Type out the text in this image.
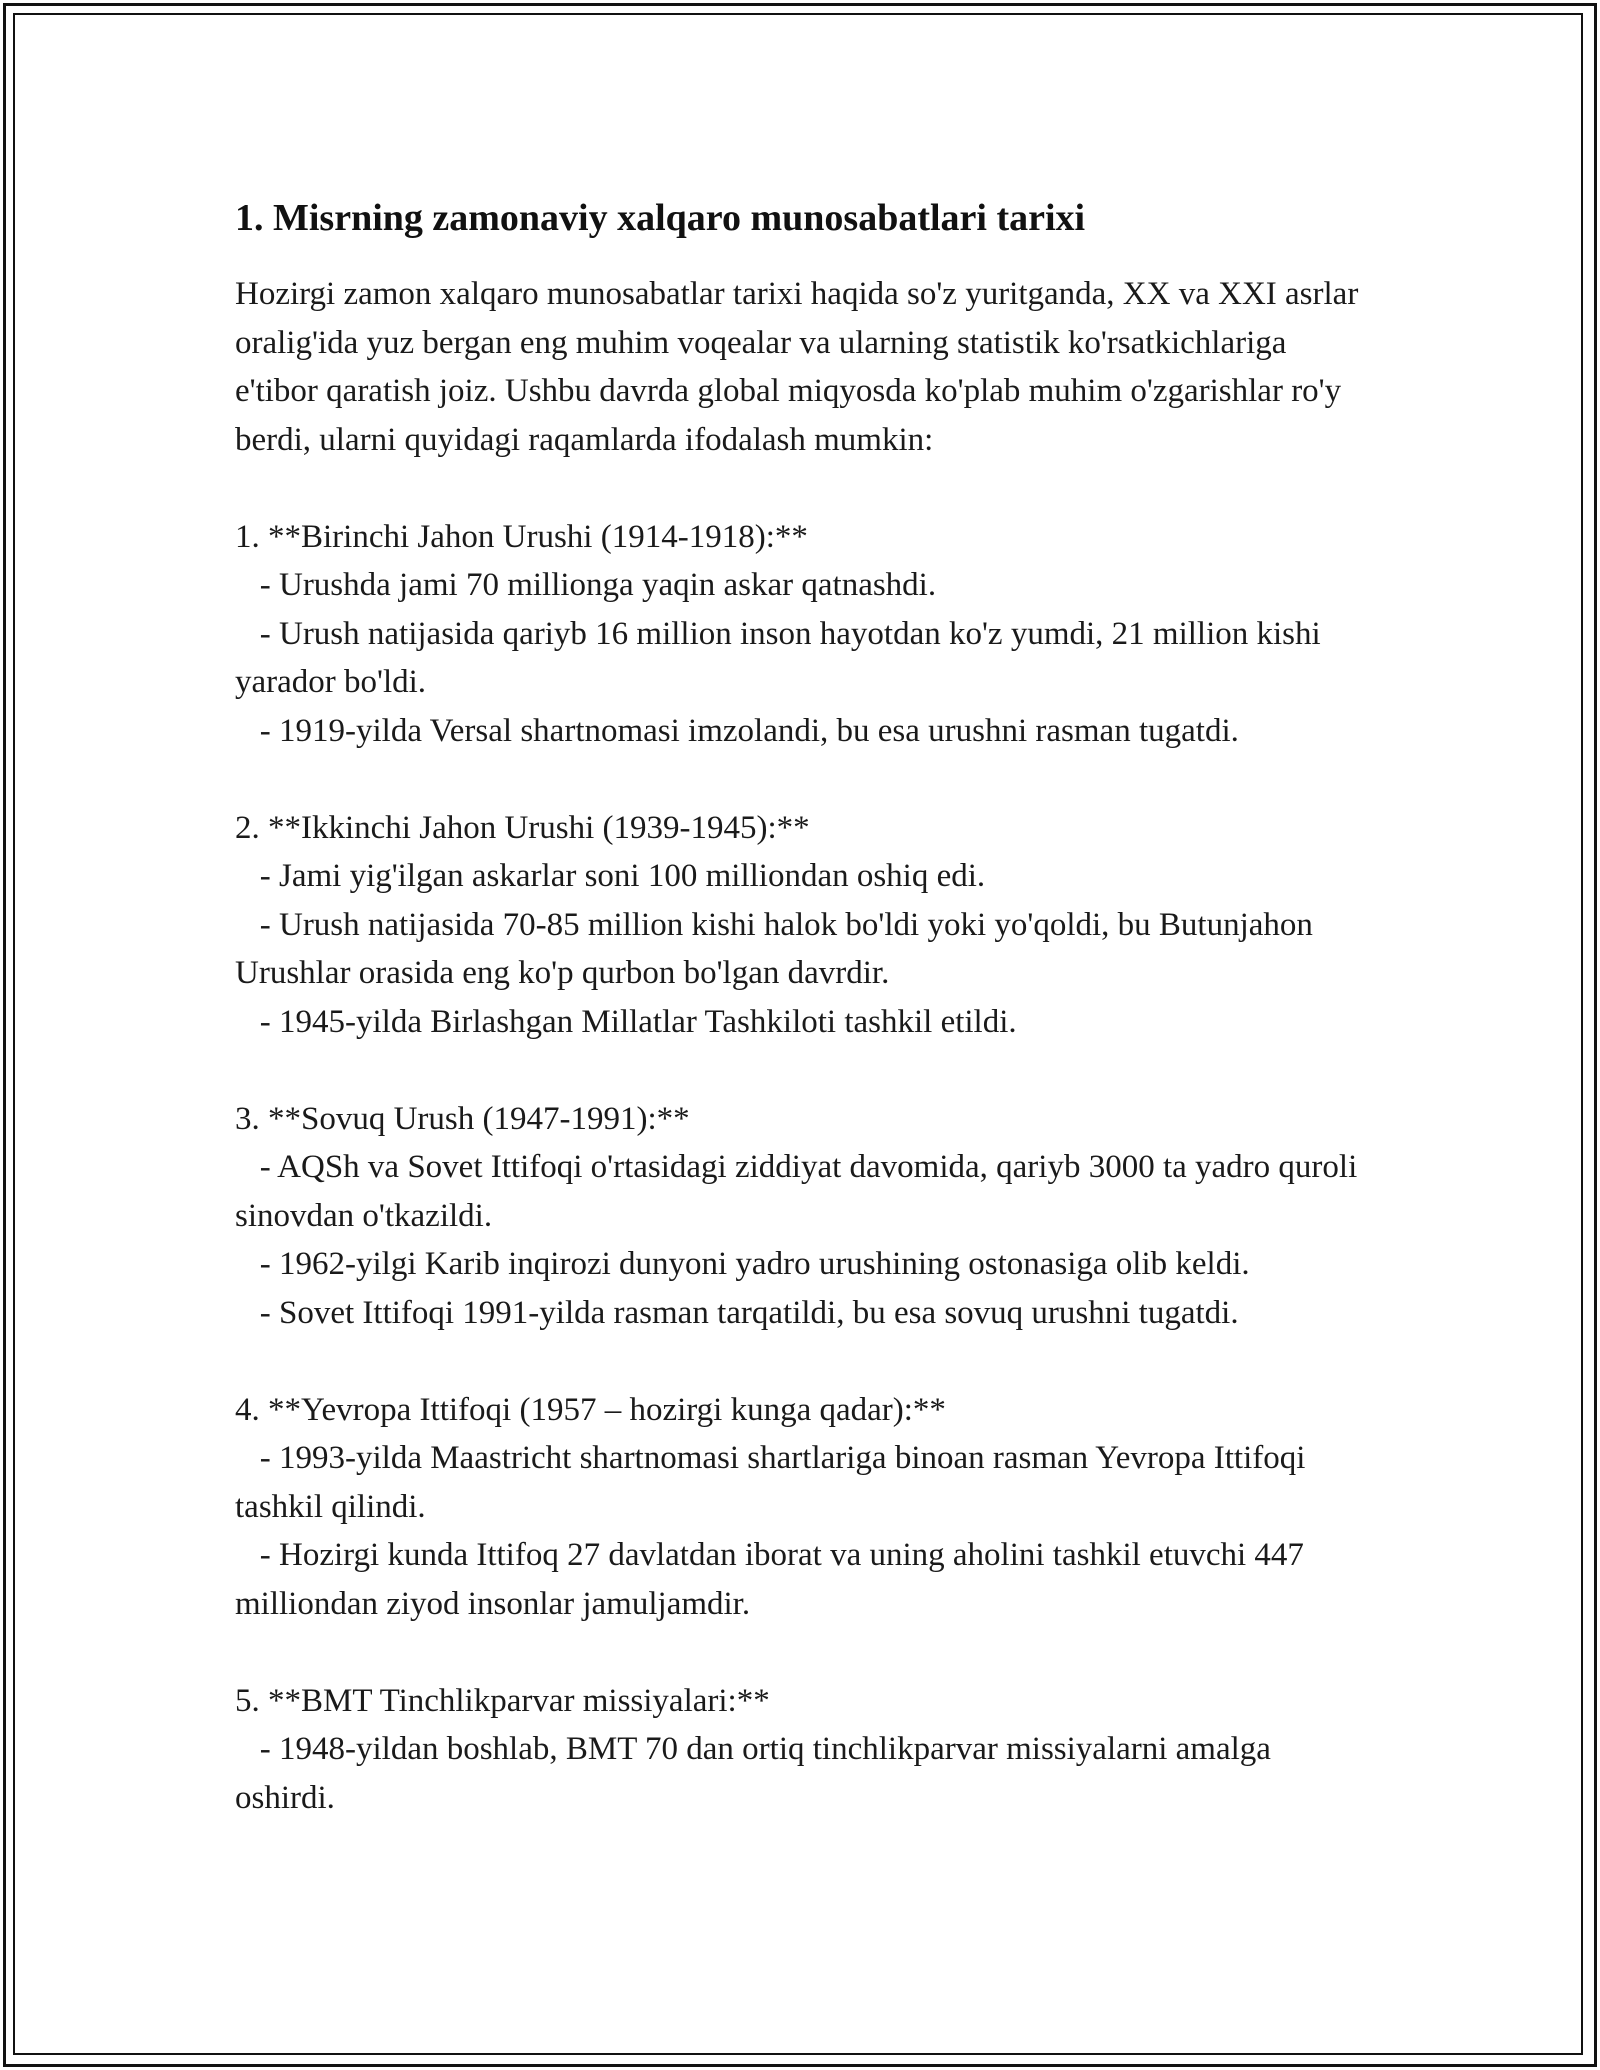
1. Misrning zamonaviy xalqaro munosabatlari tarixi

Hozirgi zamon xalqaro munosabatlar tarixi haqida so'z yuritganda, XX va XXI asrlar oralig'ida yuz bergan eng muhim voqealar va ularning statistik ko'rsatkichlariga e'tibor qaratish joiz. Ushbu davrda global miqyosda ko'plab muhim o'zgarishlar ro'y berdi, ularni quyidagi raqamlarda ifodalash mumkin:

1. **Birinchi Jahon Urushi (1914-1918):**
- Urushda jami 70 millionga yaqin askar qatnashdi.
- Urush natijasida qariyb 16 million inson hayotdan ko'z yumdi, 21 million kishi yarador bo'ldi.
- 1919-yilda Versal shartnomasi imzolandi, bu esa urushni rasman tugatdi.
2. **Ikkinchi Jahon Urushi (1939-1945):**
- Jami yig'ilgan askarlar soni 100 milliondan oshiq edi.
- Urush natijasida 70-85 million kishi halok bo'ldi yoki yo'qoldi, bu Butunjahon Urushlar orasida eng ko'p qurbon bo'lgan davrdir.
- 1945-yilda Birlashgan Millatlar Tashkiloti tashkil etildi.
3. **Sovuq Urush (1947-1991):**
- AQSh va Sovet Ittifoqi o'rtasidagi ziddiyat davomida, qariyb 3000 ta yadro quroli sinovdan o'tkazildi.
- 1962-yilgi Karib inqirozi dunyoni yadro urushining ostonasiga olib keldi.
- Sovet Ittifoqi 1991-yilda rasman tarqatildi, bu esa sovuq urushni tugatdi.
4. **Yevropa Ittifoqi (1957 – hozirgi kunga qadar):**
- 1993-yilda Maastricht shartnomasi shartlariga binoan rasman Yevropa Ittifoqi tashkil qilindi.
- Hozirgi kunda Ittifoq 27 davlatdan iborat va uning aholini tashkil etuvchi 447 milliondan ziyod insonlar jamuljamdir.
5. **BMT Tinchlikparvar missiyalari:**
- 1948-yildan boshlab, BMT 70 dan ortiq tinchlikparvar missiyalarni amalga oshirdi.
